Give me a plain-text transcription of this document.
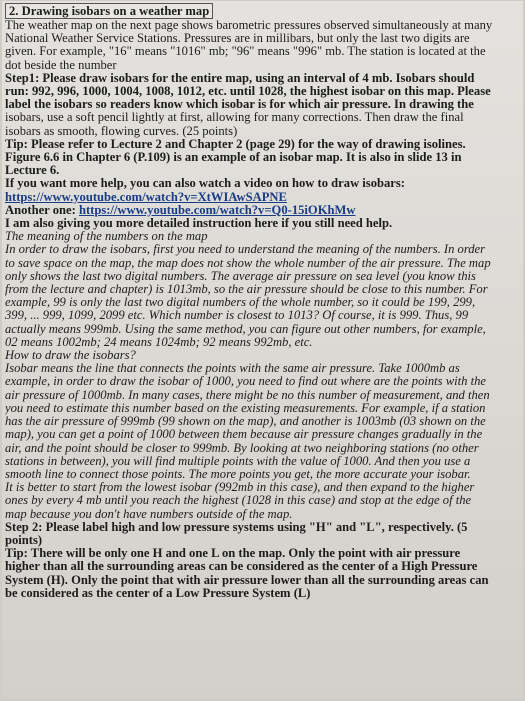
2. Drawing isobars on a weather map
The weather map on the next page shows barometric pressures observed simultaneously at many
National Weather Service Stations. Pressures are in millibars, but only the last two digits are
given. For example, "16" means "1016" mb; "96" means "996" mb. The station is located at the
dot beside the number
Step1: Please draw isobars for the entire map, using an interval of 4 mb. Isobars should
run: 992, 996, 1000, 1004, 1008, 1012, etc. until 1028, the highest isobar on this map. Please
label the isobars so readers know which isobar is for which air pressure. In drawing the
isobars, use a soft pencil lightly at first, allowing for many corrections. Then draw the final
isobars as smooth, flowing curves. (25 points)
Tip: Please refer to Lecture 2 and Chapter 2 (page 29) for the way of drawing isolines.
Figure 6.6 in Chapter 6 (P.109) is an example of an isobar map. It is also in slide 13 in
Lecture 6.
If you want more help, you can also watch a video on how to draw isobars:
https://www.youtube.com/watch?v=XtWIAwSAPNE
Another one: https://www.youtube.com/watch?v=Q0-15iOKhMw
I am also giving you more detailed instruction here if you still need help.
The meaning of the numbers on the map
In order to draw the isobars, first you need to understand the meaning of the numbers. In order
to save space on the map, the map does not show the whole number of the air pressure. The map
only shows the last two digital numbers. The average air pressure on sea level (you know this
from the lecture and chapter) is 1013mb, so the air pressure should be close to this number. For
example, 99 is only the last two digital numbers of the whole number, so it could be 199, 299,
399, ... 999, 1099, 2099 etc. Which number is closest to 1013? Of course, it is 999. Thus, 99
actually means 999mb. Using the same method, you can figure out other numbers, for example,
02 means 1002mb; 24 means 1024mb; 92 means 992mb, etc.
How to draw the isobars?
Isobar means the line that connects the points with the same air pressure. Take 1000mb as
example, in order to draw the isobar of 1000, you need to find out where are the points with the
air pressure of 1000mb. In many cases, there might be no this number of measurement, and then
you need to estimate this number based on the existing measurements. For example, if a station
has the air pressure of 999mb (99 shown on the map), and another is 1003mb (03 shown on the
map), you can get a point of 1000 between them because air pressure changes gradually in the
air, and the point should be closer to 999mb. By looking at two neighboring stations (no other
stations in between), you will find multiple points with the value of 1000. And then you use a
smooth line to connect those points. The more points you get, the more accurate your isobar.
It is better to start from the lowest isobar (992mb in this case), and then expand to the higher
ones by every 4 mb until you reach the highest (1028 in this case) and stop at the edge of the
map because you don't have numbers outside of the map.
Step 2: Please label high and low pressure systems using "H" and "L", respectively. (5
points)
Tip: There will be only one H and one L on the map. Only the point with air pressure
higher than all the surrounding areas can be considered as the center of a High Pressure
System (H). Only the point that with air pressure lower than all the surrounding areas can
be considered as the center of a Low Pressure System (L)
